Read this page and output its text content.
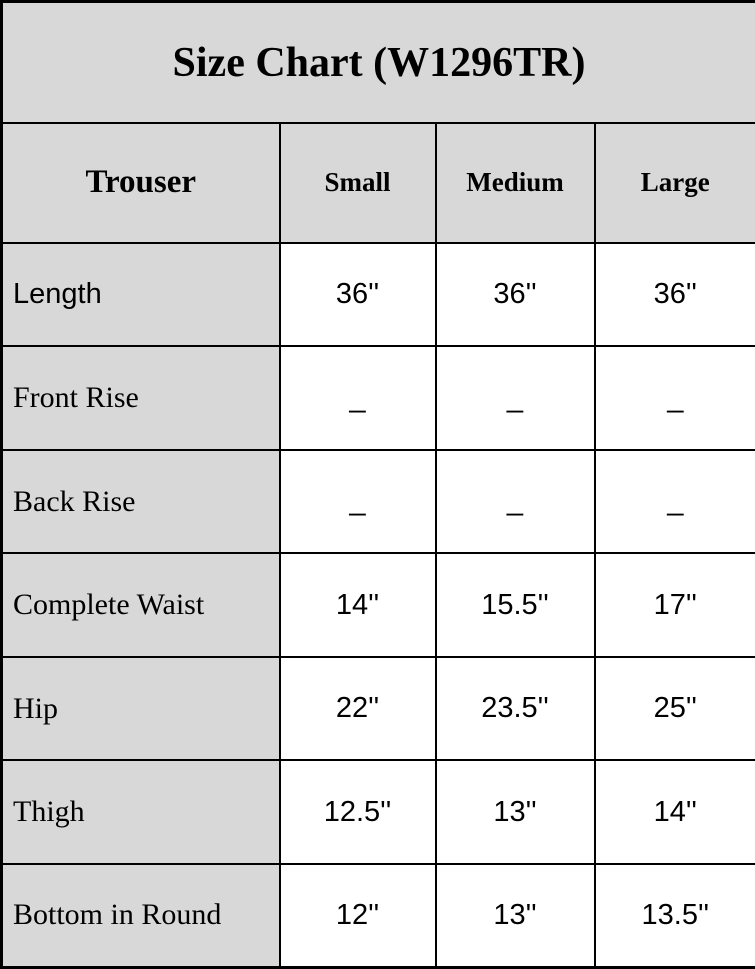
Size Chart (W1296TR)			
Trouser	Small	Medium	Large
Length	36''	36''	36''
Front Rise	_	_	_
Back Rise	_	_	_
Complete Waist	14''	15.5''	17''
Hip	22''	23.5''	25''
Thigh	12.5''	13''	14''
Bottom in Round	12''	13''	13.5''
